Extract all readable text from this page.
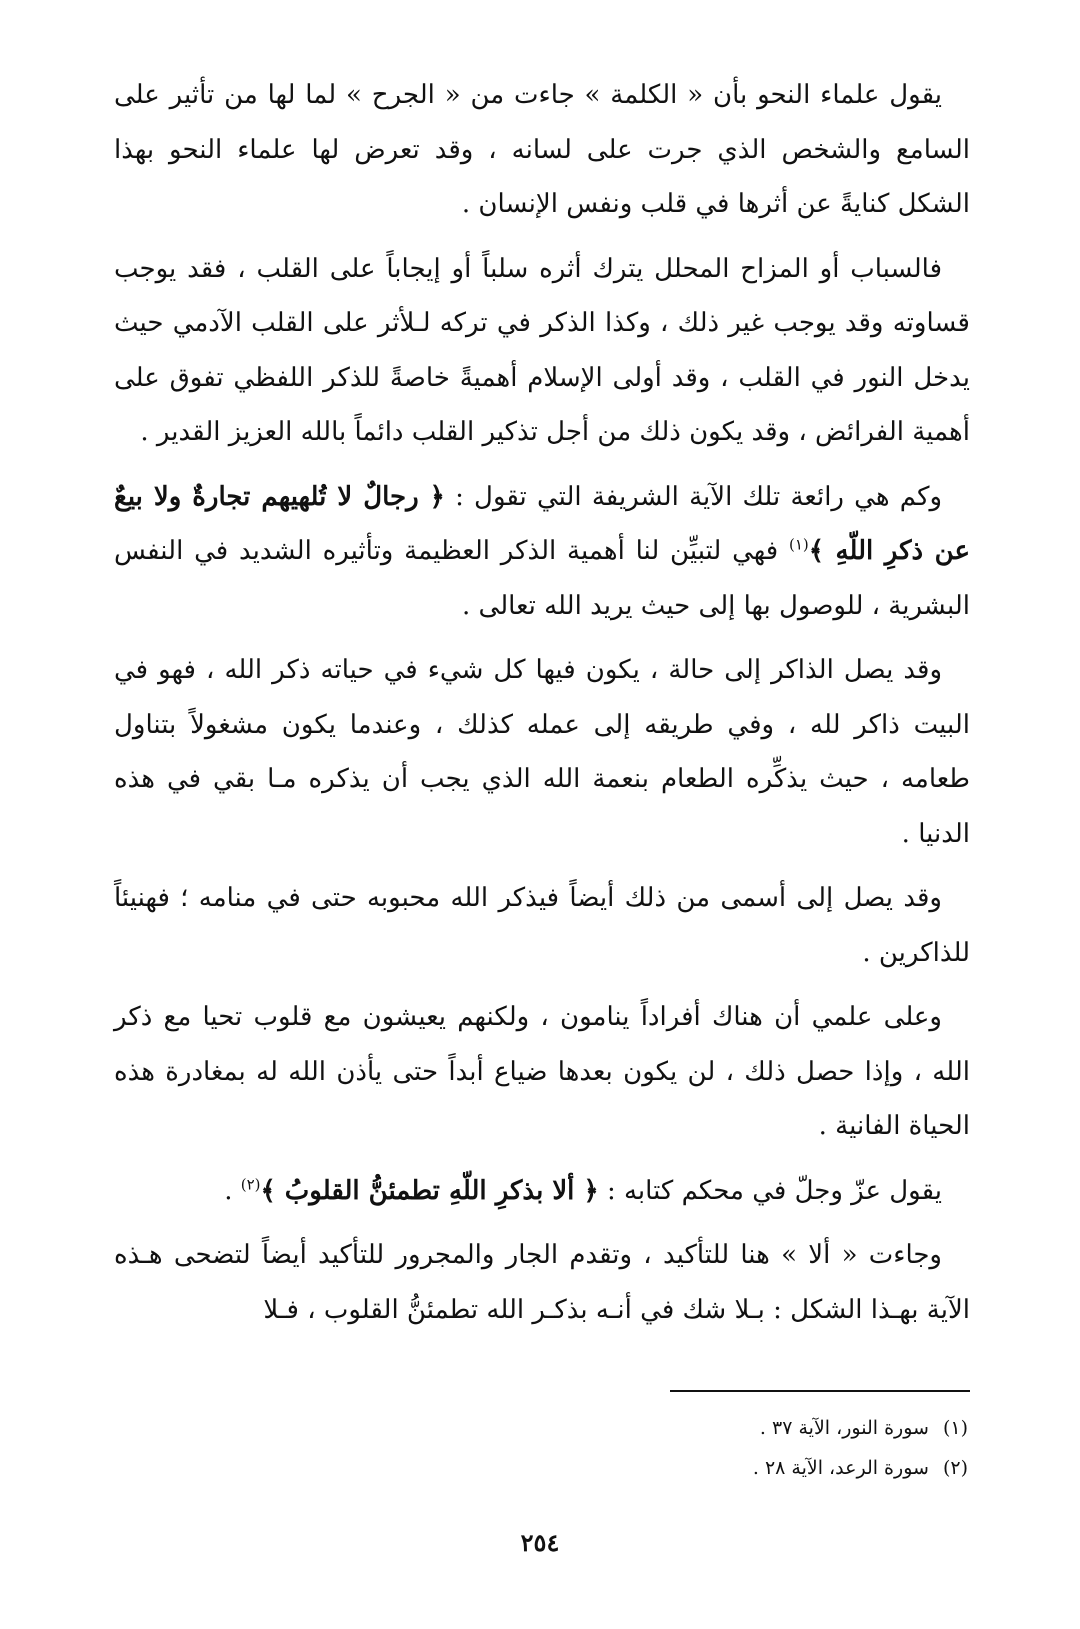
يقول علماء النحو بأن « الكلمة » جاءت من « الجرح » لما لها من تأثير على السامع والشخص الذي جرت على لسانه ، وقد تعرض لها علماء النحو بهذا الشكل كنايةً عن أثرها في قلب ونفس الإنسان .

فالسباب أو المزاح المحلل يترك أثره سلباً أو إيجاباً على القلب ، فقد يوجب قساوته وقد يوجب غير ذلك ، وكذا الذكر في تركه لـلأثر على القلب الآدمي حيث يدخل النور في القلب ، وقد أولى الإسلام أهميةً خاصةً للذكر اللفظي تفوق على أهمية الفرائض ، وقد يكون ذلك من أجل تذكير القلب دائماً بالله العزيز القدير .

وكم هي رائعة تلك الآية الشريفة التي تقول : ﴿ رجالٌ لا تُلهيهم تجارةٌ ولا بيعٌ عن ذكرِ اللّهِ ﴾$^{(١)}$ فهي لتبيِّن لنا أهمية الذكر العظيمة وتأثيره الشديد في النفس البشرية ، للوصول بها إلى حيث يريد الله تعالى .

وقد يصل الذاكر إلى حالة ، يكون فيها كل شيء في حياته ذكر الله ، فهو في البيت ذاكر لله ، وفي طريقه إلى عمله كذلك ، وعندما يكون مشغولاً بتناول طعامه ، حيث يذكِّره الطعام بنعمة الله الذي يجب أن يذكره مـا بقي في هذه الدنيا .

وقد يصل إلى أسمى من ذلك أيضاً فيذكر الله محبوبه حتى في منامه ؛ فهنيئاً للذاكرين .

وعلى علمي أن هناك أفراداً ينامون ، ولكنهم يعيشون مع قلوب تحيا مع ذكر الله ، وإذا حصل ذلك ، لن يكون بعدها ضياع أبداً حتى يأذن الله له بمغادرة هذه الحياة الفانية .

يقول عزّ وجلّ في محكم كتابه : ﴿ ألا بذكرِ اللّهِ تطمئنُّ القلوبُ ﴾$^{(٢)}$ .

وجاءت « ألا » هنا للتأكيد ، وتقدم الجار والمجرور للتأكيد أيضاً لتضحى هـذه الآية بهـذا الشكل : بـلا شك في أنـه بذكـر الله تطمئنُّ القلوب ، فـلا

(١)سورة النور، الآية ٣٧ .

(٢)سورة الرعد، الآية ٢٨ .

٢٥٤
